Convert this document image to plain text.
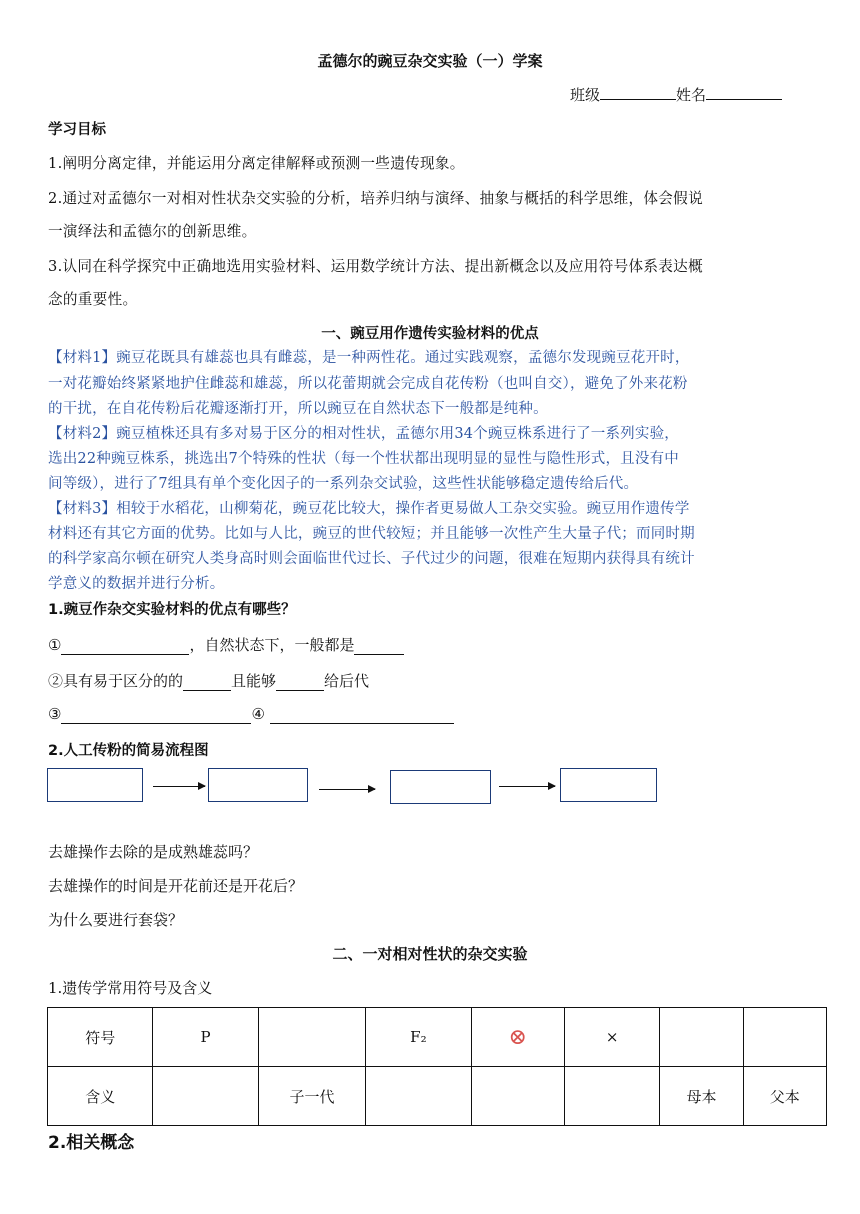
孟德尔的豌豆杂交实验（一）学案
班级	姓名
学习目标
1.阐明分离定律，并能运用分离定律解释或预测一些遗传现象。
2.通过对孟德尔一对相对性状杂交实验的分析，培养归纳与演绎、抽象与概括的科学思维，体会假说
一演绎法和孟德尔的创新思维。
3.认同在科学探究中正确地选用实验材料、运用数学统计方法、提出新概念以及应用符号体系表达概
念的重要性。
一、豌豆用作遗传实验材料的优点
【材料1】豌豆花既具有雄蕊也具有雌蕊，是一种两性花。通过实践观察，孟德尔发现豌豆花开时，
一对花瓣始终紧紧地护住雌蕊和雄蕊，所以花蕾期就会完成自花传粉（也叫自交），避免了外来花粉
的干扰，在自花传粉后花瓣逐渐打开，所以豌豆在自然状态下一般都是纯种。
【材料2】豌豆植株还具有多对易于区分的相对性状，孟德尔用34个豌豆株系进行了一系列实验，
选出22种豌豆株系，挑选出7个特殊的性状（每一个性状都出现明显的显性与隐性形式，且没有中
间等级），进行了7组具有单个变化因子的一系列杂交试验，这些性状能够稳定遗传给后代。
【材料3】相较于水稻花，山柳菊花，豌豆花比较大，操作者更易做人工杂交实验。豌豆用作遗传学
材料还有其它方面的优势。比如与人比，豌豆的世代较短；并且能够一次性产生大量子代；而同时期
的科学家高尔顿在研究人类身高时则会面临世代过长、子代过少的问题，很难在短期内获得具有统计
学意义的数据并进行分析。
1.豌豆作杂交实验材料的优点有哪些？
①	，自然状态下，一般都是
②具有易于区分的的	且能够	给后代
③	④
2.人工传粉的简易流程图
去雄操作去除的是成熟雄蕊吗？
去雄操作的时间是开花前还是开花后？
为什么要进行套袋？
二、一对相对性状的杂交实验
1.遗传学常用符号及含义
符号	P		F₂	⊗	×		
含义		子一代				母本	父本
2.相关概念
